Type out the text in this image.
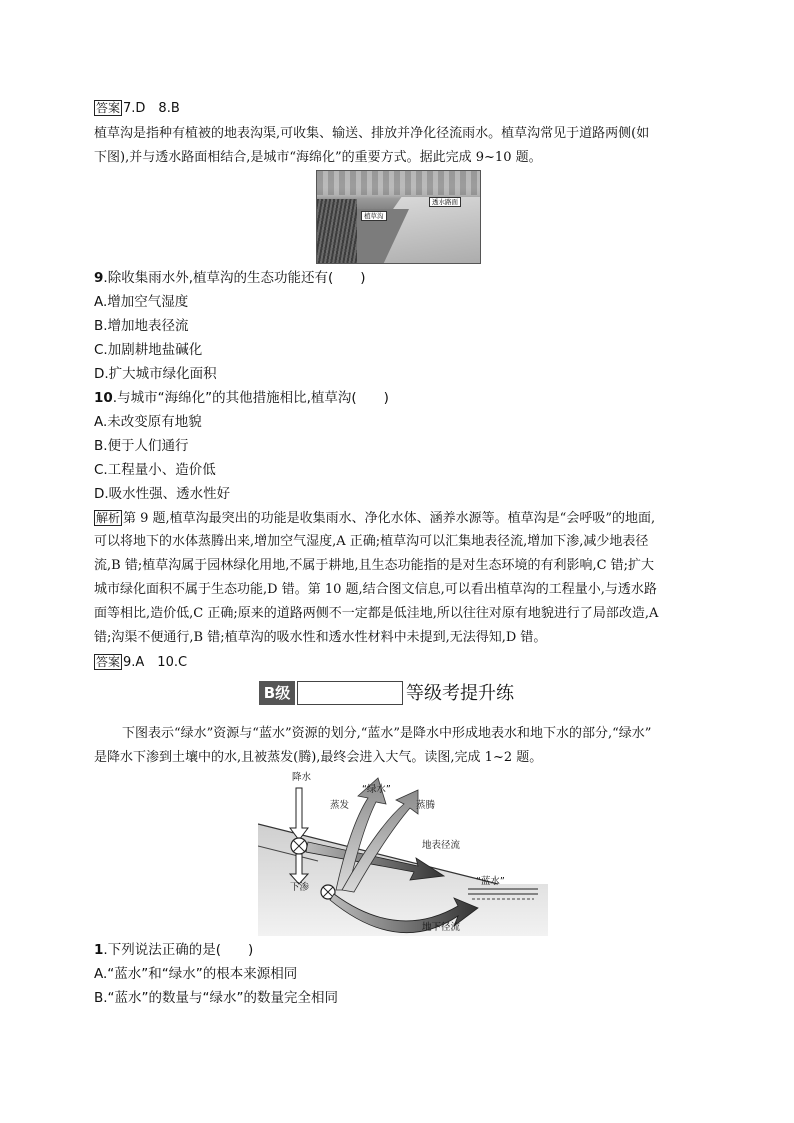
答案 7.D　8.B
植草沟是指种有植被的地表沟渠,可收集、输送、排放并净化径流雨水。植草沟常见于道路两侧(如
下图),并与透水路面相结合,是城市“海绵化”的重要方式。据此完成 9~10 题。
透水路面
植草沟
9.除收集雨水外,植草沟的生态功能还有(　　)
A.增加空气湿度
B.增加地表径流
C.加剧耕地盐碱化
D.扩大城市绿化面积
10.与城市“海绵化”的其他措施相比,植草沟(　　)
A.未改变原有地貌
B.便于人们通行
C.工程量小、造价低
D.吸水性强、透水性好
解析 第 9 题,植草沟最突出的功能是收集雨水、净化水体、涵养水源等。植草沟是“会呼吸”的地面,
可以将地下的水体蒸腾出来,增加空气湿度,A 正确;植草沟可以汇集地表径流,增加下渗,减少地表径
流,B 错;植草沟属于园林绿化用地,不属于耕地,且生态功能指的是对生态环境的有利影响,C 错;扩大
城市绿化面积不属于生态功能,D 错。第 10 题,结合图文信息,可以看出植草沟的工程量小,与透水路
面等相比,造价低,C 正确;原来的道路两侧不一定都是低洼地,所以往往对原有地貌进行了局部改造,A
错;沟渠不便通行,B 错;植草沟的吸水性和透水性材料中未提到,无法得知,D 错。
答案 9.A　10.C
B级	等级考提升练
下图表示“绿水”资源与“蓝水”资源的划分,“蓝水”是降水中形成地表水和地下水的部分,“绿水”
是降水下渗到土壤中的水,且被蒸发(腾),最终会进入大气。读图,完成 1~2 题。
降水
“绿水”
蒸发	蒸腾
地表径流
下渗
“蓝水”
地下径流
1.下列说法正确的是(　　)
A.“蓝水”和“绿水”的根本来源相同
B.“蓝水”的数量与“绿水”的数量完全相同
